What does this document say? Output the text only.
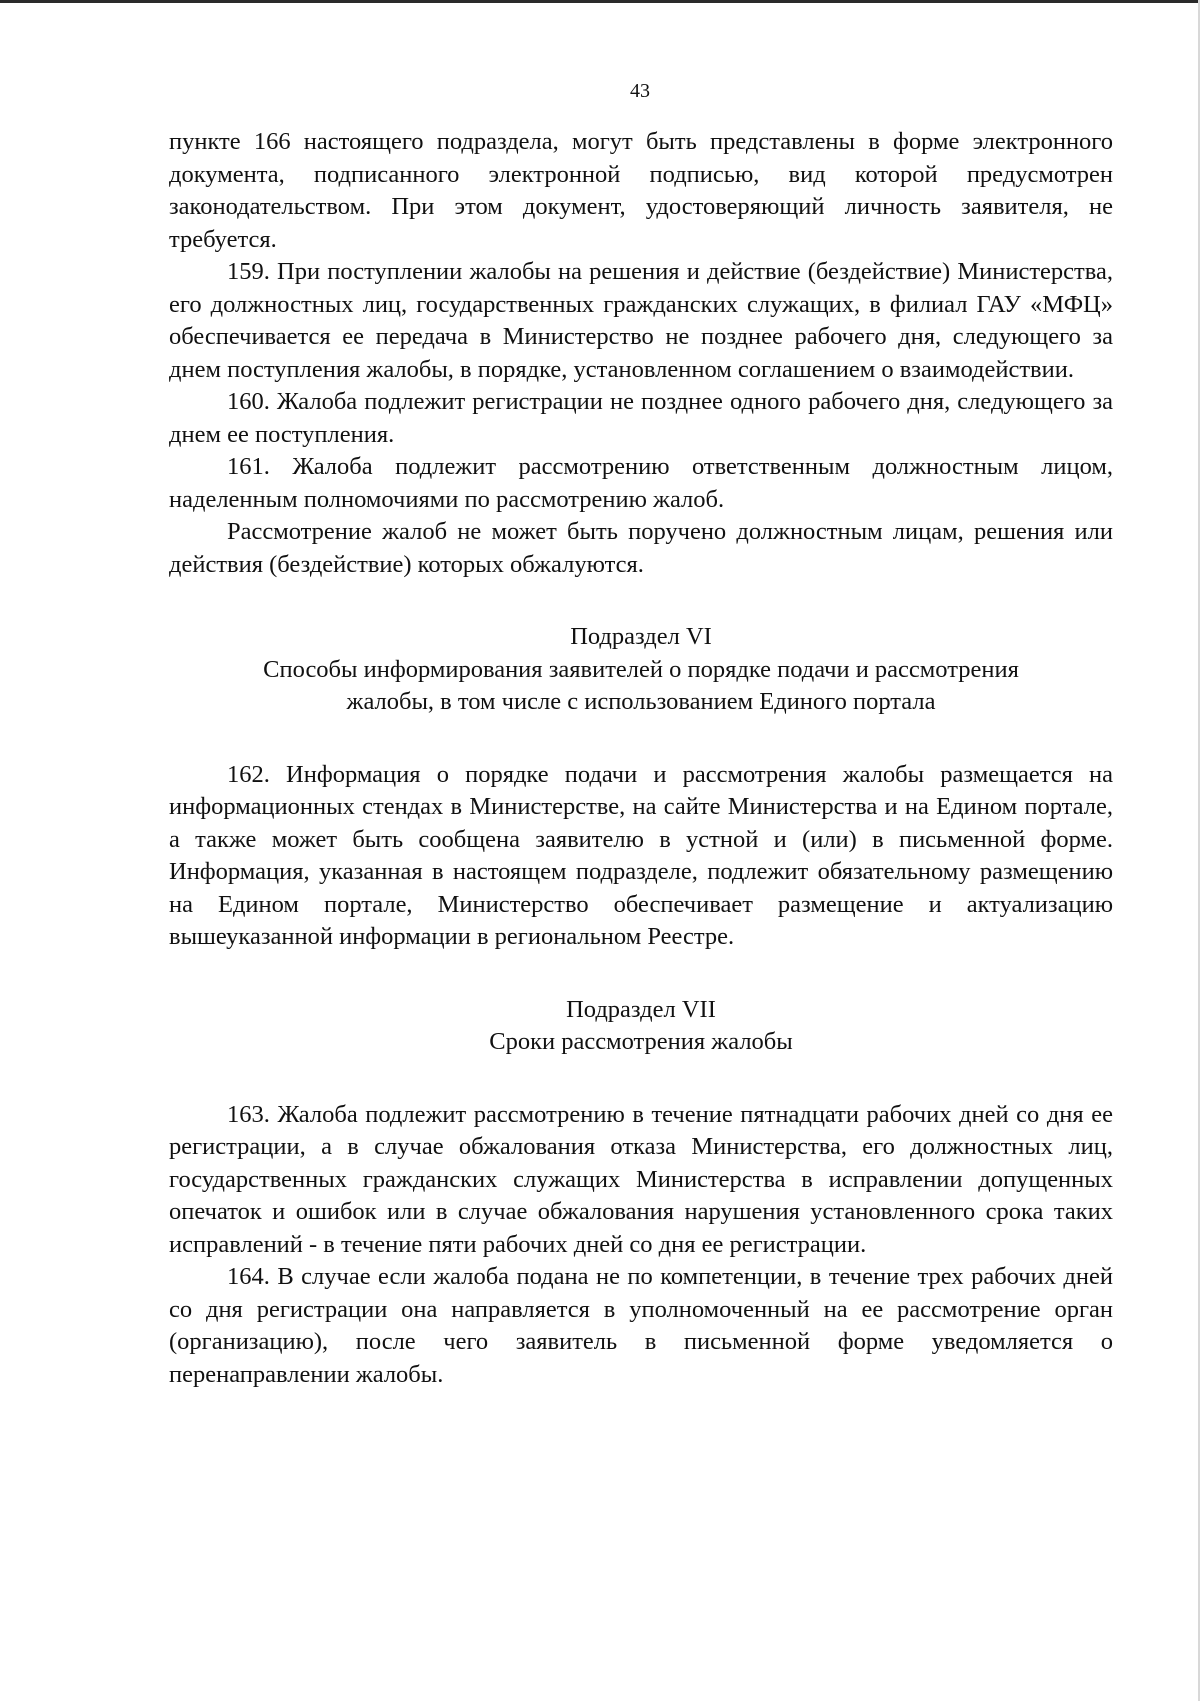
43

пункте 166 настоящего подраздела, могут быть представлены в форме электронного документа, подписанного электронной подписью, вид которой предусмотрен законодательством. При этом документ, удостоверяющий личность заявителя, не требуется.

159. При поступлении жалобы на решения и действие (бездействие) Министерства, его должностных лиц, государственных гражданских служащих, в филиал ГАУ «МФЦ» обеспечивается ее передача в Министерство не позднее рабочего дня, следующего за днем поступления жалобы, в порядке, установленном соглашением о взаимодействии.

160. Жалоба подлежит регистрации не позднее одного рабочего дня, следующего за днем ее поступления.

161. Жалоба подлежит рассмотрению ответственным должностным лицом, наделенным полномочиями по рассмотрению жалоб.

Рассмотрение жалоб не может быть поручено должностным лицам, решения или действия (бездействие) которых обжалуются.

Подраздел VI

Способы информирования заявителей о порядке подачи и рассмотрения

жалобы, в том числе с использованием Единого портала

162. Информация о порядке подачи и рассмотрения жалобы размещается на информационных стендах в Министерстве, на сайте Министерства и на Едином портале, а также может быть сообщена заявителю в устной и (или) в письменной форме. Информация, указанная в настоящем подразделе, подлежит обязательному размещению на Едином портале, Министерство обеспечивает размещение и актуализацию вышеуказанной информации в региональном Реестре.

Подраздел VII

Сроки рассмотрения жалобы

163. Жалоба подлежит рассмотрению в течение пятнадцати рабочих дней со дня ее регистрации, а в случае обжалования отказа Министерства, его должностных лиц, государственных гражданских служащих Министерства в исправлении допущенных опечаток и ошибок или в случае обжалования нарушения установленного срока таких исправлений - в течение пяти рабочих дней со дня ее регистрации.

164. В случае если жалоба подана не по компетенции, в течение трех рабочих дней со дня регистрации она направляется в уполномоченный на ее рассмотрение орган (организацию), после чего заявитель в письменной форме уведомляется о перенаправлении жалобы.
